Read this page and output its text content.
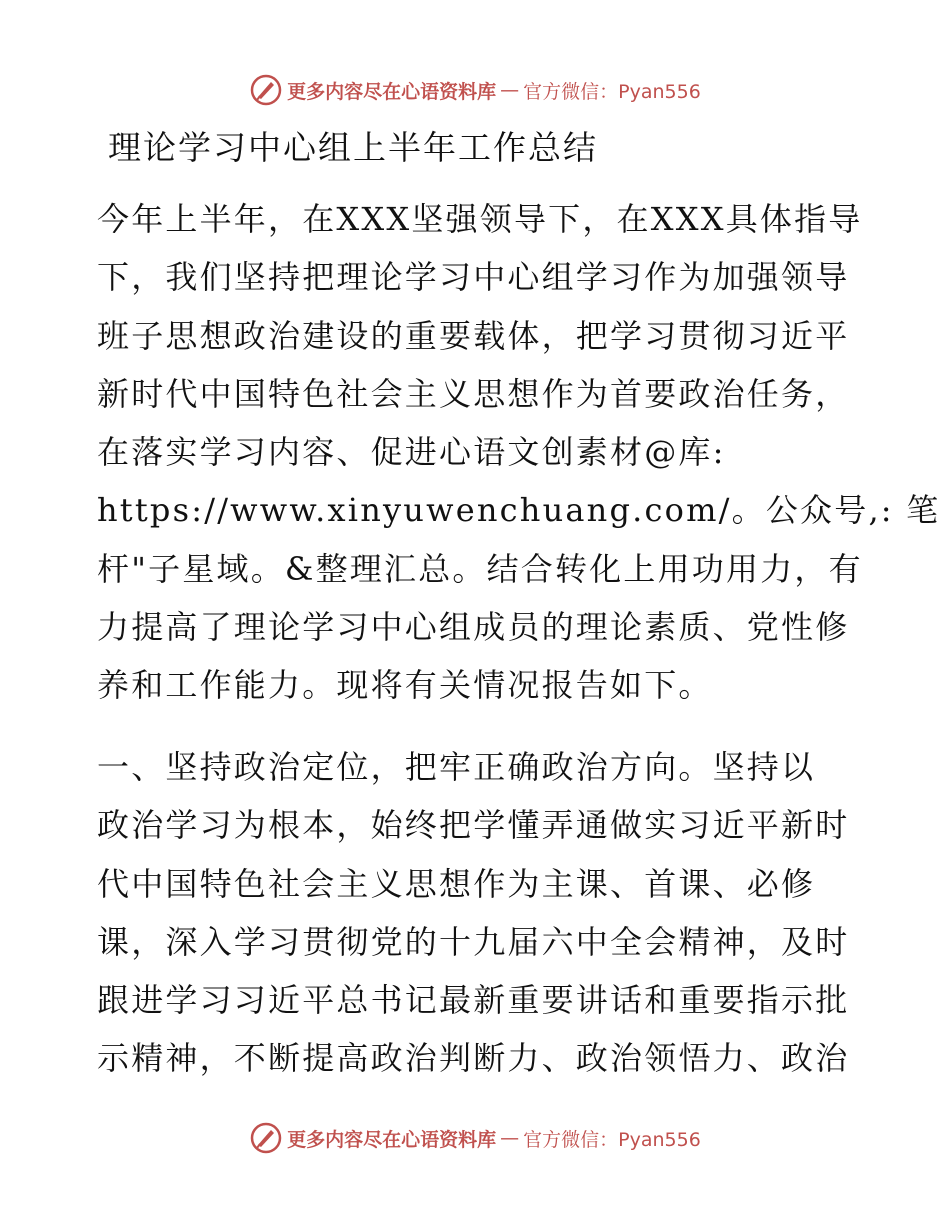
更多内容尽在心语资料库 — 官方微信：Pyan556
理论学习中心组上半年工作总结
今年上半年，在XXX坚强领导下，在XXX具体指导
下，我们坚持把理论学习中心组学习作为加强领导
班子思想政治建设的重要载体，把学习贯彻习近平
新时代中国特色社会主义思想作为首要政治任务，
在落实学习内容、促进心语文创素材@库:
https://www.xinyuwenchuang.com/。公众号,: 笔
杆"子星域。&整理汇总。结合转化上用功用力，有
力提高了理论学习中心组成员的理论素质、党性修
养和工作能力。现将有关情况报告如下。
一、坚持政治定位，把牢正确政治方向。坚持以
政治学习为根本，始终把学懂弄通做实习近平新时
代中国特色社会主义思想作为主课、首课、必修
课，深入学习贯彻党的十九届六中全会精神，及时
跟进学习习近平总书记最新重要讲话和重要指示批
示精神，不断提高政治判断力、政治领悟力、政治
更多内容尽在心语资料库 — 官方微信：Pyan556
